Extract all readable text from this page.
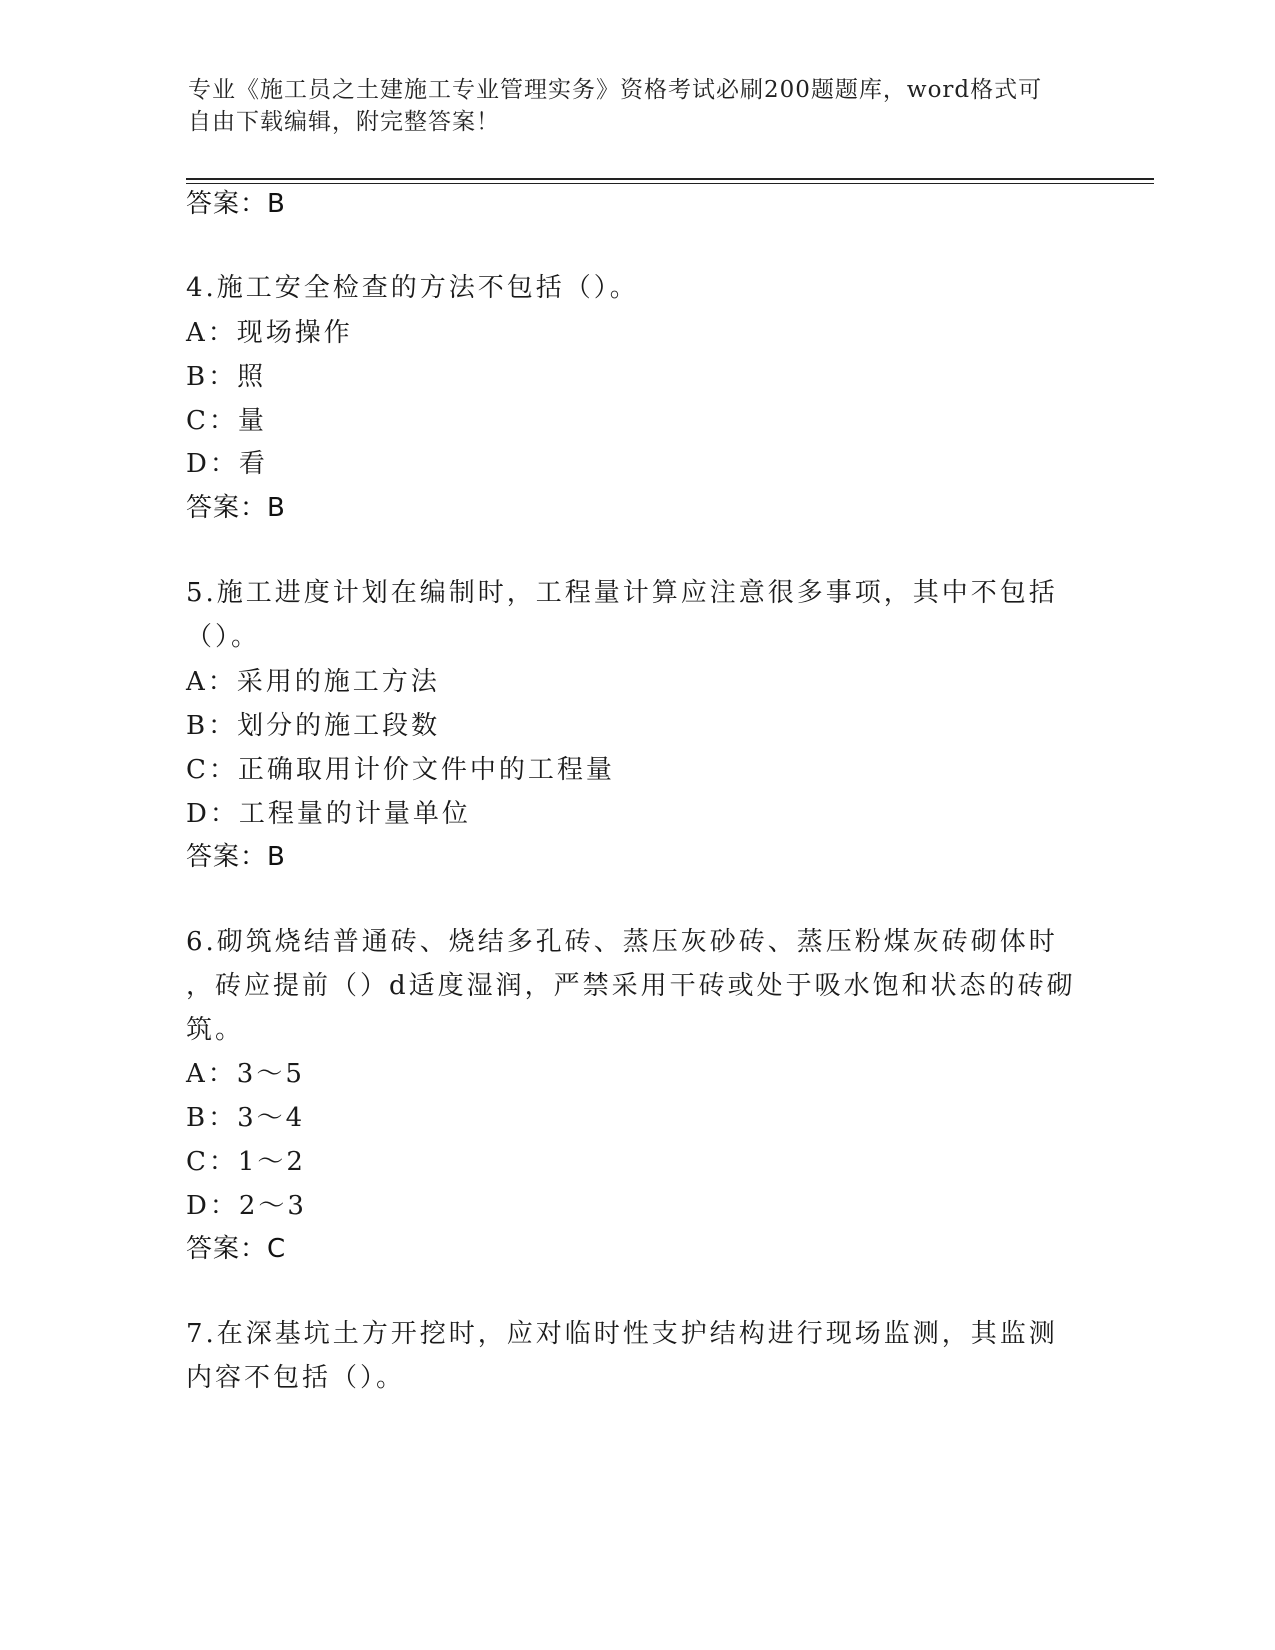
专业《施工员之土建施工专业管理实务》资格考试必刷200题题库，word格式可
自由下载编辑，附完整答案！
答案：B
4.施工安全检查的方法不包括（）。
A：现场操作
B：照
C：量
D：看
答案：B
5.施工进度计划在编制时，工程量计算应注意很多事项，其中不包括
（）。
A：采用的施工方法
B：划分的施工段数
C：正确取用计价文件中的工程量
D：工程量的计量单位
答案：B
6.砌筑烧结普通砖、烧结多孔砖、蒸压灰砂砖、蒸压粉煤灰砖砌体时
，砖应提前（）d适度湿润，严禁采用干砖或处于吸水饱和状态的砖砌
筑。
A：3～5
B：3～4
C：1～2
D：2～3
答案：C
7.在深基坑土方开挖时，应对临时性支护结构进行现场监测，其监测
内容不包括（）。
